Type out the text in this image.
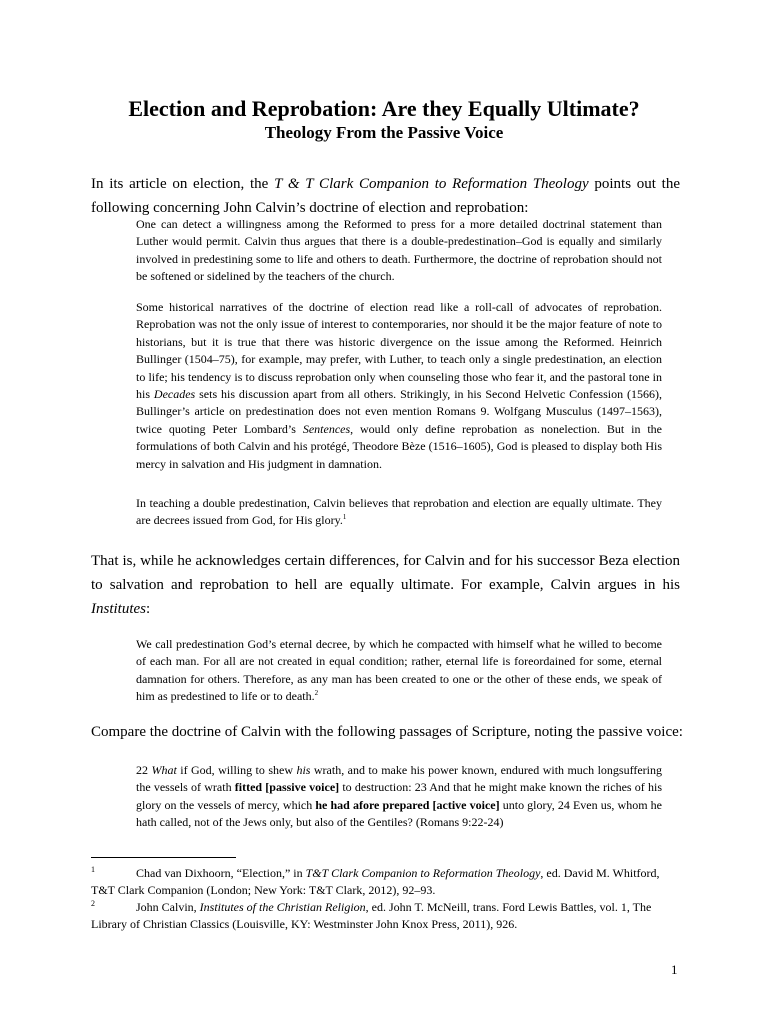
Election and Reprobation: Are they Equally Ultimate?
Theology From the Passive Voice

In its article on election, the T & T Clark Companion to Reformation Theology points out the following concerning John Calvin’s doctrine of election and reprobation:

One can detect a willingness among the Reformed to press for a more detailed doctrinal statement than Luther would permit. Calvin thus argues that there is a double-predestination‒God is equally and similarly involved in predestining some to life and others to death. Furthermore, the doctrine of reprobation should not be softened or sidelined by the teachers of the church.

Some historical narratives of the doctrine of election read like a roll-call of advocates of reprobation. Reprobation was not the only issue of interest to contemporaries, nor should it be the major feature of note to historians, but it is true that there was historic divergence on the issue among the Reformed. Heinrich Bullinger (1504–75), for example, may prefer, with Luther, to teach only a single predestination, an election to life; his tendency is to discuss reprobation only when counseling those who fear it, and the pastoral tone in his Decades sets his discussion apart from all others. Strikingly, in his Second Helvetic Confession (1566), Bullinger’s article on predestination does not even mention Romans 9. Wolfgang Musculus (1497–1563), twice quoting Peter Lombard’s Sentences, would only define reprobation as nonelection. But in the formulations of both Calvin and his protégé, Theodore Bèze (1516–1605), God is pleased to display both His mercy in salvation and His judgment in damnation.

In teaching a double predestination, Calvin believes that reprobation and election are equally ultimate. They are decrees issued from God, for His glory.$^1$

That is, while he acknowledges certain differences, for Calvin and for his successor Beza election to salvation and reprobation to hell are equally ultimate. For example, Calvin argues in his Institutes:

We call predestination God’s eternal decree, by which he compacted with himself what he willed to become of each man. For all are not created in equal condition; rather, eternal life is foreordained for some, eternal damnation for others. Therefore, as any man has been created to one or the other of these ends, we speak of him as predestined to life or to death.$^2$

Compare the doctrine of Calvin with the following passages of Scripture, noting the passive voice:

22 What if God, willing to shew his wrath, and to make his power known, endured with much longsuffering the vessels of wrath fitted [passive voice] to destruction: 23 And that he might make known the riches of his glory on the vessels of mercy, which he had afore prepared [active voice] unto glory, 24 Even us, whom he hath called, not of the Jews only, but also of the Gentiles? (Romans 9:22-24)

1	Chad van Dixhoorn, “Election,” in T&T Clark Companion to Reformation Theology, ed. David M. Whitford, T&T Clark Companion (London; New York: T&T Clark, 2012), 92–93.

2	John Calvin, Institutes of the Christian Religion, ed. John T. McNeill, trans. Ford Lewis Battles, vol. 1, The Library of Christian Classics (Louisville, KY: Westminster John Knox Press, 2011), 926.

1
